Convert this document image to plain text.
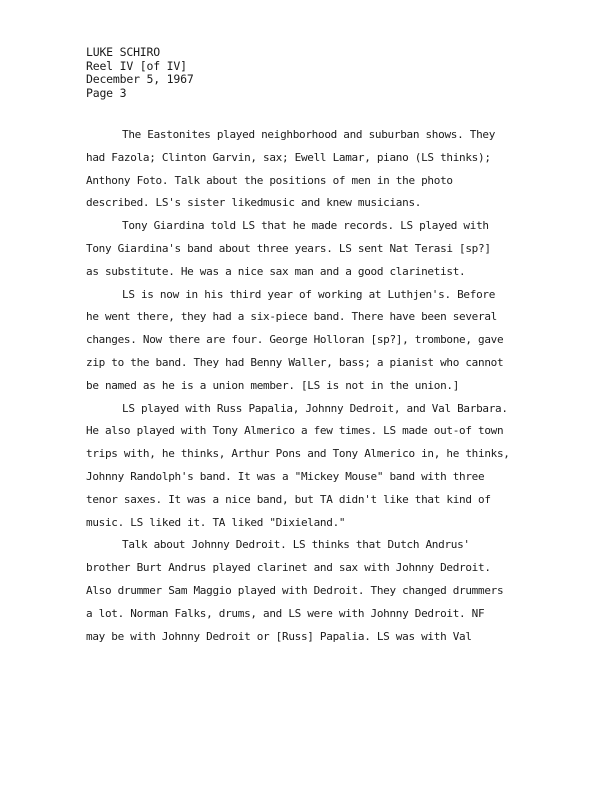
LUKE SCHIRO
Reel IV [of IV]
December 5, 1967
Page 3
The Eastonites played neighborhood and suburban shows. They
had Fazola; Clinton Garvin, sax; Ewell Lamar, piano (LS thinks);
Anthony Foto. Talk about the positions of men in the photo
described. LS's sister likedmusic and knew musicians.
Tony Giardina told LS that he made records. LS played with
Tony Giardina's band about three years. LS sent Nat Terasi [sp?]
as substitute. He was a nice sax man and a good clarinetist.
LS is now in his third year of working at Luthjen's. Before
he went there, they had a six-piece band. There have been several
changes. Now there are four. George Holloran [sp?], trombone, gave
zip to the band. They had Benny Waller, bass; a pianist who cannot
be named as he is a union member. [LS is not in the union.]
LS played with Russ Papalia, Johnny Dedroit, and Val Barbara.
He also played with Tony Almerico a few times. LS made out-of town
trips with, he thinks, Arthur Pons and Tony Almerico in, he thinks,
Johnny Randolph's band. It was a "Mickey Mouse" band with three
tenor saxes. It was a nice band, but TA didn't like that kind of
music. LS liked it. TA liked "Dixieland."
Talk about Johnny Dedroit. LS thinks that Dutch Andrus'
brother Burt Andrus played clarinet and sax with Johnny Dedroit.
Also drummer Sam Maggio played with Dedroit. They changed drummers
a lot. Norman Falks, drums, and LS were with Johnny Dedroit. NF
may be with Johnny Dedroit or [Russ] Papalia. LS was with Val
